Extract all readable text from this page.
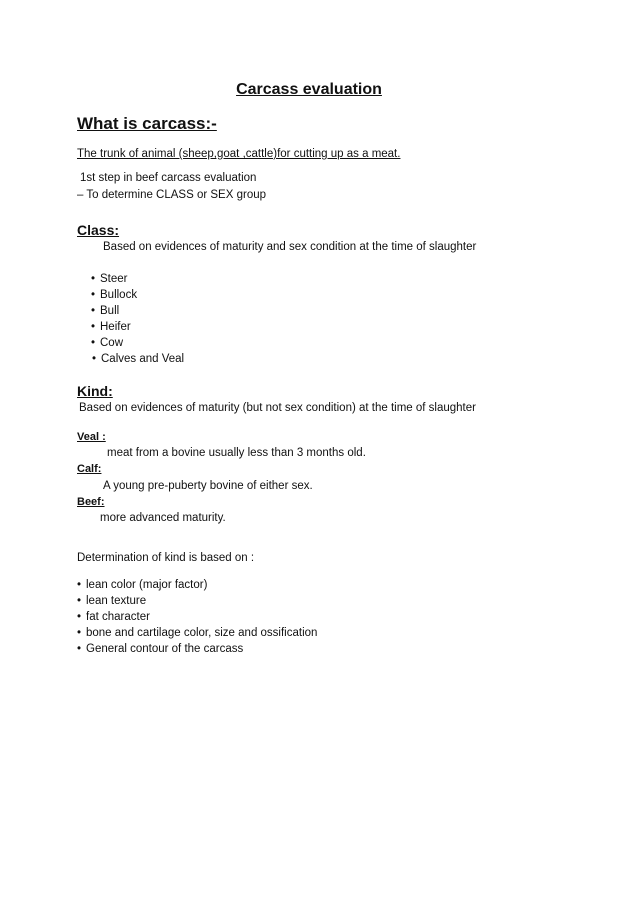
Carcass evaluation
What is carcass:-
The trunk of animal (sheep,goat ,cattle)for cutting up as a meat.
1st step in beef carcass evaluation
– To determine CLASS or SEX group
Class:
Based on evidences of maturity and sex condition at the time of slaughter
• Steer
• Bullock
• Bull
• Heifer
• Cow
• Calves and Veal
Kind:
Based on evidences of maturity (but not sex condition) at the time of slaughter
Veal :
meat from a bovine usually less than 3 months old.
Calf:
A young pre-puberty bovine of either sex.
Beef:
more advanced maturity.
Determination of kind is based on :
• lean color (major factor)
• lean texture
• fat character
• bone and cartilage color, size and ossification
• General contour of the carcass
